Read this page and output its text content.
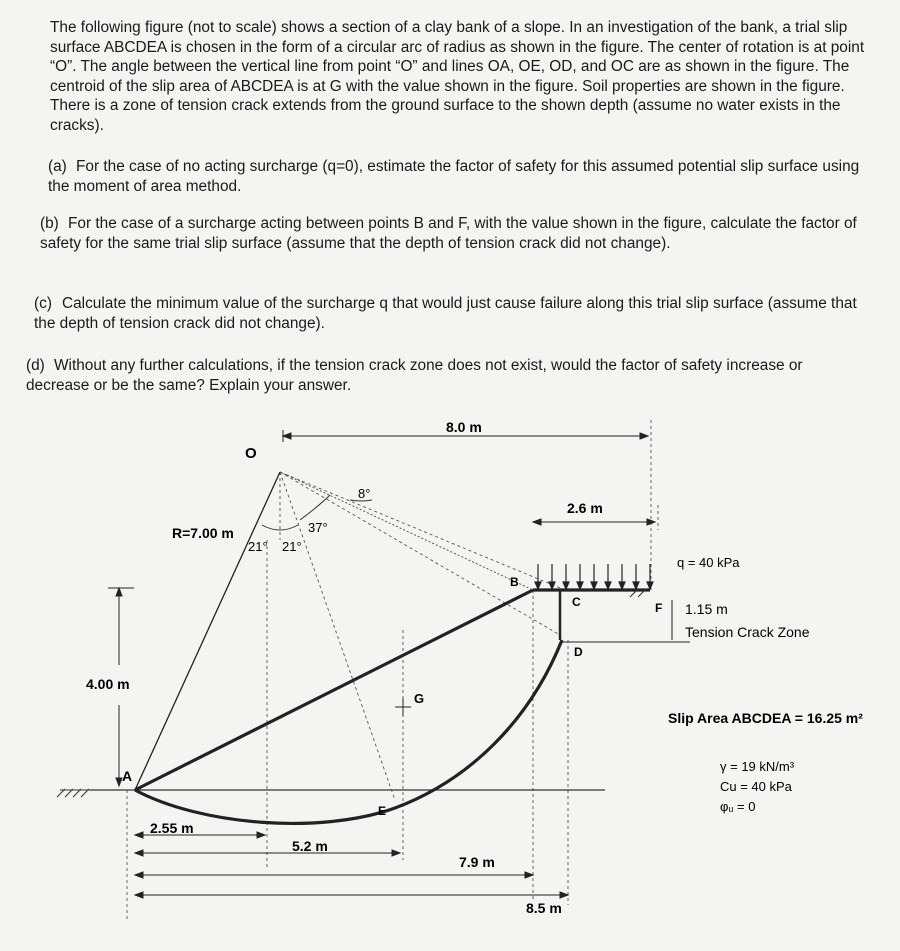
The following figure (not to scale) shows a section of a clay bank of a slope. In an investigation of the bank, a trial slip surface ABCDEA is chosen in the form of a circular arc of radius as shown in the figure. The center of rotation is at point “O”. The angle between the vertical line from point “O” and lines OA, OE, OD, and OC are as shown in the figure. The centroid of the slip area of ABCDEA is at G with the value shown in the figure. Soil properties are shown in the figure. There is a zone of tension crack extends from the ground surface to the shown depth (assume no water exists in the cracks).

(a) For the case of no acting surcharge (q=0), estimate the factor of safety for this assumed potential slip surface using the moment of area method.
(b) For the case of a surcharge acting between points B and F, with the value shown in the figure, calculate the factor of safety for the same trial slip surface (assume that the depth of tension crack did not change).
(c) Calculate the minimum value of the surcharge q that would just cause failure along this trial slip surface (assume that the depth of tension crack did not change).
(d) Without any further calculations, if the tension crack zone does not exist, would the factor of safety increase or decrease or be the same? Explain your answer.
O
A
B
C
D
E
F
G
8.0 m
2.6 m
R=7.00 m
4.00 m
2.55 m
5.2 m
7.9 m
8.5 m
1.15 m
Tension Crack Zone
q = 40 kPa
21° 21°
37°
8°
Slip Area ABCDEA = 16.25 m²
γ = 19 kN/m³
Cu = 40 kPa
φᵤ = 0
